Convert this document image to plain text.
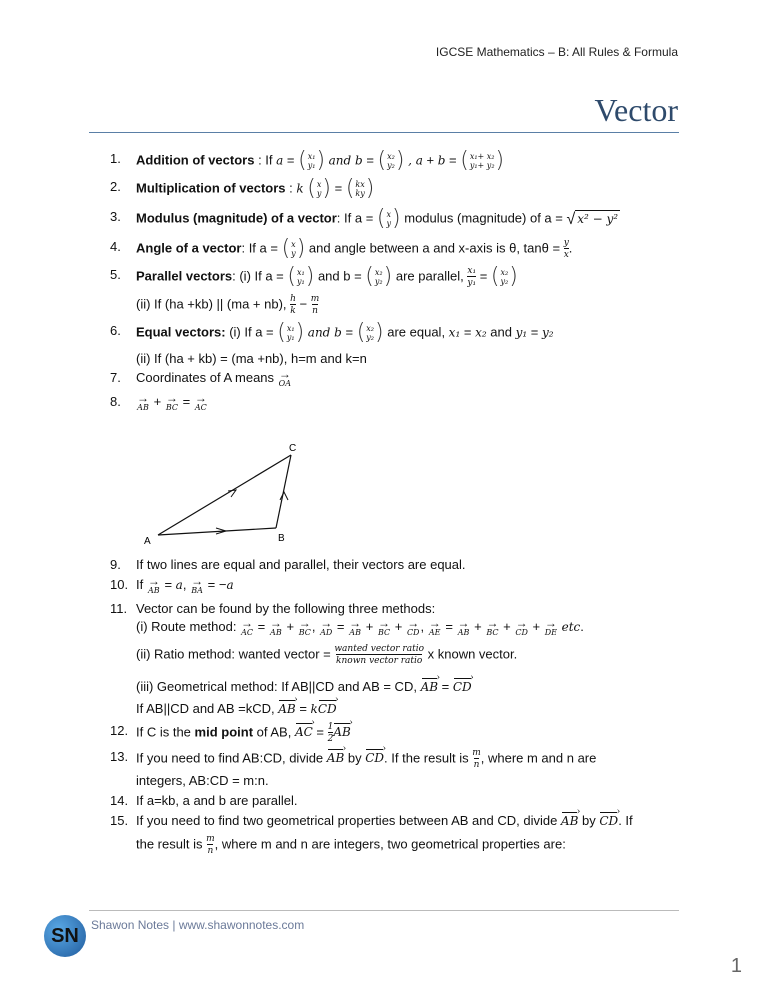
IGCSE Mathematics – B: All Rules & Formula
Vector
1. Addition of vectors : If a = ( x₁
y₁ ) and b = ( x₂
y₂ ) , a + b = ( x₁+ x₂
y₁+ y₂ )
2. Multiplication of vectors : k ( x
y ) = ( kx
ky )
3. Modulus (magnitude) of a vector: If a = ( x
y ) modulus (magnitude) of a = √ x² − y²
4. Angle of a vector: If a = ( x
y ) and angle between a and x-axis is θ, $\tan\theta = \frac{y}{x}$ .
5. Parallel vectors: (i) If a = ( x₁
y₁ ) and b = ( x₂
y₂ ) are parallel, $\frac{\text{x₁}}{\text{y₁}}$ = ( x₂
y₂ )
(ii) If (ha +kb) || (ma + nb), $\frac{h}{k} - \frac{m}{n}$
6. Equal vectors: (i) If a = ( x₁
y₁ ) and b = ( x₂
y₂ ) are equal, x₁ = x₂ and y₁ = y₂
(ii) If (ha + kb) = (ma +nb), h=m and k=n
7. Coordinates of A means →
OA
8. →
AB + →
BC = →
AC
A	B
C
9. If two lines are equal and parallel, their vectors are equal.
10. If →
AB = a, →
BA = −a
11. Vector can be found by the following three methods:
(i) Route method: →
AC = →
AB + →
BC , →
AD = →
AB + →
BC + →
CD , →
AE = →
AB + →
BC + →
CD + →
DE etc.
(ii) Ratio method: wanted vector = wanted vector ratio
known vector ratio x known vector.
(iii) Geometrical method: If AB||CD and AB = CD, › AB = › CD
If AB||CD and AB =kCD, › AB = k› CD
12. If C is the mid point of AB, › AC = $\frac{1}{2}$
› AB
13. If you need to find AB:CD, divide › AB by › CD. If the result is $\frac{m}{n}$ , where m and n are
integers, AB:CD = m:n.
14. If a=kb, a and b are parallel.
15. If you need to find two geometrical properties between AB and CD, divide › AB by › CD. If
the result is $\frac{m}{n}$ , where m and n are integers, two geometrical properties are:
SN	Shawon Notes | www.shawonnotes.com
1
